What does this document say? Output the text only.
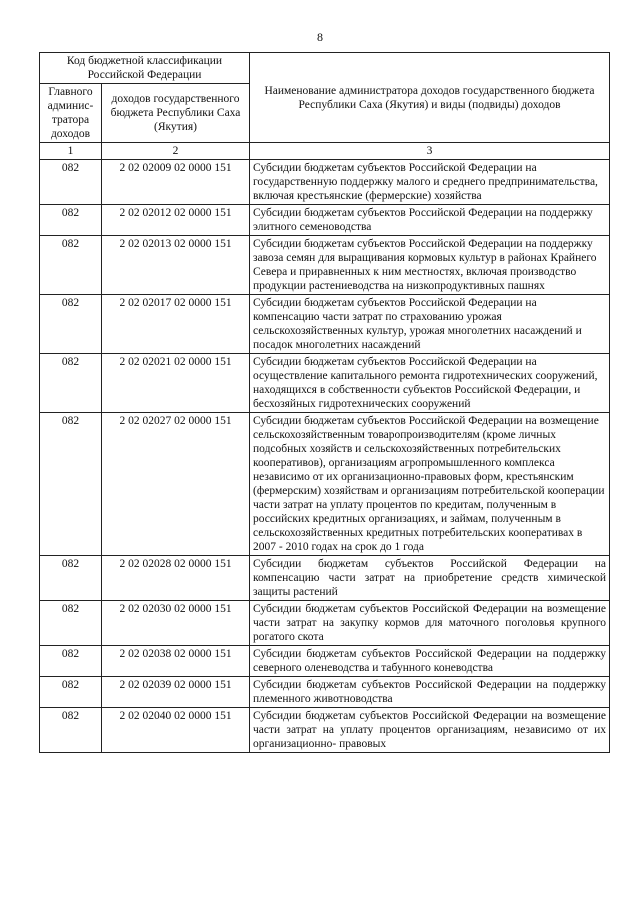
8
Код бюджетной классификации Российской Федерации		Наименование администратора доходов государственного бюджета Республики Саха (Якутия) и виды (подвиды) доходов
Главного админис-тратора доходов	доходов государственного бюджета Республики Саха (Якутия)	
1	2	3
082	2 02 02009 02 0000 151	Субсидии бюджетам субъектов Российской Федерации на государственную поддержку малого и среднего предпринимательства, включая крестьянские (фермерские) хозяйства
082	2 02 02012 02 0000 151	Субсидии бюджетам субъектов Российской Федерации на поддержку элитного семеноводства
082	2 02 02013 02 0000 151	Субсидии бюджетам субъектов Российской Федерации на поддержку завоза семян для выращивания кормовых культур в районах Крайнего Севера и приравненных к ним местностях, включая производство продукции растениеводства на низкопродуктивных пашнях
082	2 02 02017 02 0000 151	Субсидии бюджетам субъектов Российской Федерации на компенсацию части затрат по страхованию урожая сельскохозяйственных культур, урожая многолетних насаждений и посадок многолетних насаждений
082	2 02 02021 02 0000 151	Субсидии бюджетам субъектов Российской Федерации на осуществление капитального ремонта гидротехнических сооружений, находящихся в собственности субъектов Российской Федерации, и бесхозяйных гидротехнических сооружений
082	2 02 02027 02 0000 151	Субсидии бюджетам субъектов Российской Федерации на возмещение сельскохозяйственным товаропроизводителям (кроме личных подсобных хозяйств и сельскохозяйственных потребительских кооперативов), организациям агропромышленного комплекса независимо от их организационно-правовых форм, крестьянским (фермерским) хозяйствам и организациям потребительской кооперации части затрат на уплату процентов по кредитам, полученным в российских кредитных организациях, и займам, полученным в сельскохозяйственных кредитных потребительских кооперативах в 2007 - 2010 годах на срок до 1 года
082	2 02 02028 02 0000 151	Субсидии бюджетам субъектов Российской Федерации на компенсацию части затрат на приобретение средств химической защиты растений
082	2 02 02030 02 0000 151	Субсидии бюджетам субъектов Российской Федерации на возмещение части затрат на закупку кормов для маточного поголовья крупного рогатого скота
082	2 02 02038 02 0000 151	Субсидии бюджетам субъектов Российской Федерации на поддержку северного оленеводства и табунного коневодства
082	2 02 02039 02 0000 151	Субсидии бюджетам субъектов Российской Федерации на поддержку племенного животноводства
082	2 02 02040 02 0000 151	Субсидии бюджетам субъектов Российской Федерации на возмещение части затрат на уплату процентов организациям, независимо от их организационно- правовых
